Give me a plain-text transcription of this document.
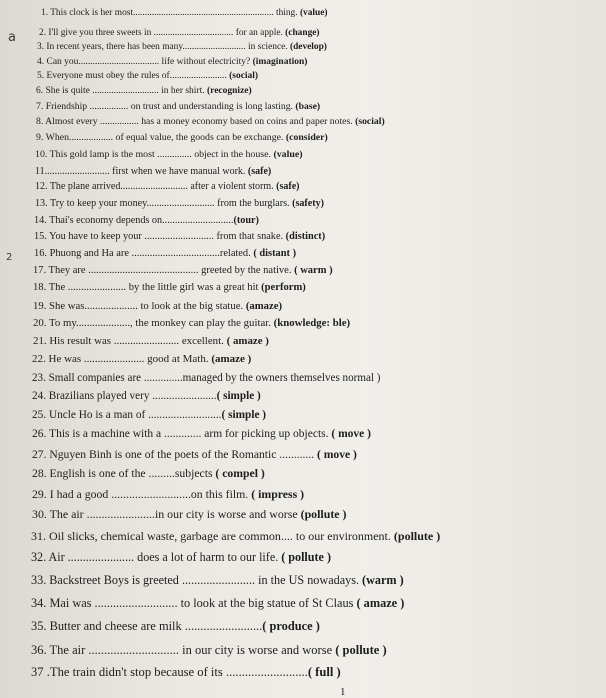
a
2
1. This clock is her most............................................................ thing. (value)
2. I'll give you three sweets in .................................. for an apple. (change)
3. In recent years, there has been many........................... in science. (develop)
4. Can you.................................. life without electricity? (imagination)
5. Everyone must obey the rules of........................ (social)
6. She is quite ............................ in her shirt. (recognize)
7. Friendship ................ on trust and understanding is long lasting. (base)
8. Almost every ................ has a money economy based on coins and paper notes. (social)
9. When.................. of equal value, the goods can be exchange. (consider)
10. This gold lamp is the most .............. object in the house. (value)
11.......................... first when we have manual work. (safe)
12. The plane arrived........................... after a violent storm. (safe)
13. Try to keep your money........................... from the burglars. (safety)
14. Thai's economy depends on............................(tour)
15. You have to keep your ........................... from that snake. (distinct)
16. Phuong and Ha are ..................................related. ( distant )
17. They are .......................................... greeted by the native. ( warm )
18. The ...................... by the little girl was a great hit (perform)
19. She was.................... to look at the big statue. (amaze)
20. To my...................., the monkey can play the guitar. (knowledge: ble)
21. His result was ........................ excellent. ( amaze )
22. He was ...................... good at Math. (amaze )
23. Small companies are ..............managed by the owners themselves normal )
24. Brazilians played very .......................( simple )
25. Uncle Ho is a man of ..........................( simple )
26. This is a machine with a ............. arm for picking up objects. ( move )
27. Nguyen Binh is one of the poets of the Romantic ............ ( move )
28. English is one of the .........subjects ( compel )
29. I had a good ...........................on this film. ( impress )
30. The air .......................in our city is worse and worse (pollute )
31. Oil slicks, chemical waste, garbage are common.... to our environment. (pollute )
32. Air ...................... does a lot of harm to our life. ( pollute )
33. Backstreet Boys is greeted ........................ in the US nowadays. (warm )
34. Mai was ........................... to look at the big statue of St Claus ( amaze )
35. Butter and cheese are milk .........................( produce )
36. The air ............................. in our city is worse and worse ( pollute )
37 .The train didn't stop because of its ..........................( full )
1
